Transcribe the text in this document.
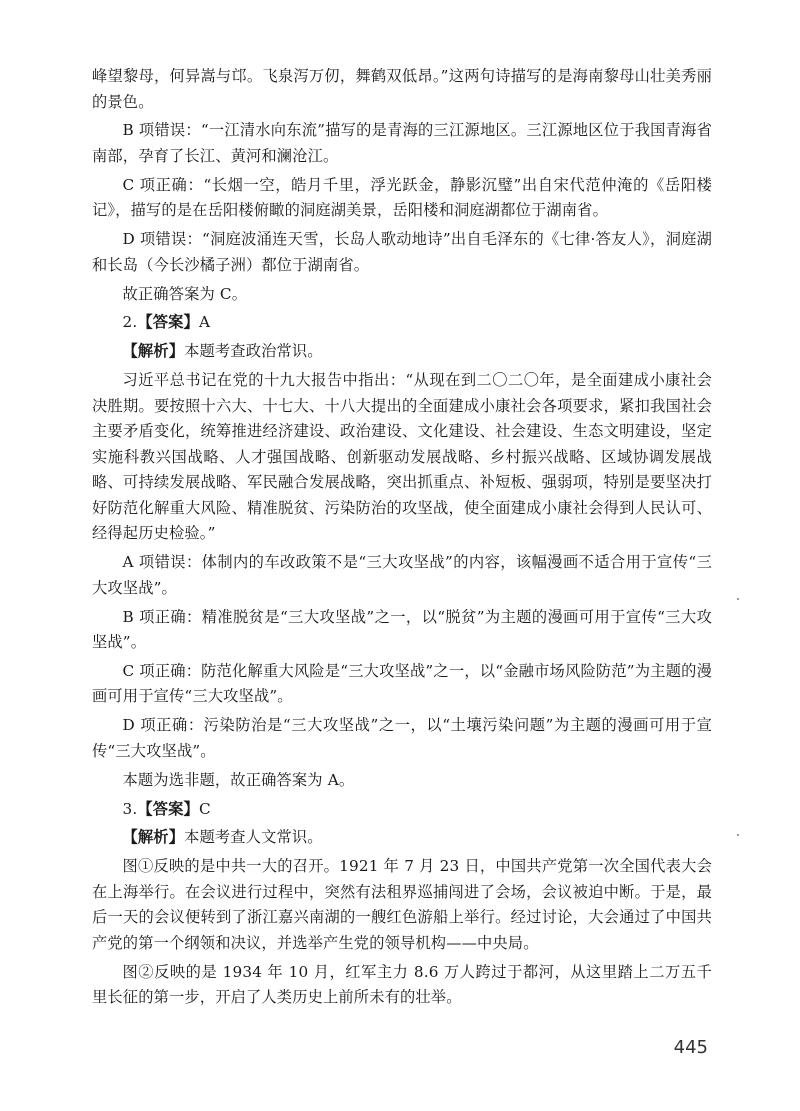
峰望黎母，何异嵩与邙。飞泉泻万仞，舞鹤双低昂。”这两句诗描写的是海南黎母山壮美秀丽的景色。

B 项错误：“一江清水向东流”描写的是青海的三江源地区。三江源地区位于我国青海省南部，孕育了长江、黄河和澜沧江。

C 项正确：“长烟一空，皓月千里，浮光跃金，静影沉璧”出自宋代范仲淹的《岳阳楼记》，描写的是在岳阳楼俯瞰的洞庭湖美景，岳阳楼和洞庭湖都位于湖南省。

D 项错误：“洞庭波涌连天雪，长岛人歌动地诗”出自毛泽东的《七律·答友人》，洞庭湖和长岛（今长沙橘子洲）都位于湖南省。

故正确答案为 C。

2.【答案】A

【解析】本题考查政治常识。

习近平总书记在党的十九大报告中指出：“从现在到二〇二〇年，是全面建成小康社会决胜期。要按照十六大、十七大、十八大提出的全面建成小康社会各项要求，紧扣我国社会主要矛盾变化，统筹推进经济建设、政治建设、文化建设、社会建设、生态文明建设，坚定实施科教兴国战略、人才强国战略、创新驱动发展战略、乡村振兴战略、区域协调发展战略、可持续发展战略、军民融合发展战略，突出抓重点、补短板、强弱项，特别是要坚决打好防范化解重大风险、精准脱贫、污染防治的攻坚战，使全面建成小康社会得到人民认可、经得起历史检验。”

A 项错误：体制内的车改政策不是“三大攻坚战”的内容，该幅漫画不适合用于宣传“三大攻坚战”。

B 项正确：精准脱贫是“三大攻坚战”之一，以“脱贫”为主题的漫画可用于宣传“三大攻坚战”。

C 项正确：防范化解重大风险是“三大攻坚战”之一，以“金融市场风险防范”为主题的漫画可用于宣传“三大攻坚战”。

D 项正确：污染防治是“三大攻坚战”之一，以“土壤污染问题”为主题的漫画可用于宣传“三大攻坚战”。

本题为选非题，故正确答案为 A。

3.【答案】C

【解析】本题考查人文常识。

图①反映的是中共一大的召开。1921 年 7 月 23 日，中国共产党第一次全国代表大会在上海举行。在会议进行过程中，突然有法租界巡捕闯进了会场，会议被迫中断。于是，最后一天的会议便转到了浙江嘉兴南湖的一艘红色游船上举行。经过讨论，大会通过了中国共产党的第一个纲领和决议，并选举产生党的领导机构——中央局。

图②反映的是 1934 年 10 月，红军主力 8.6 万人跨过于都河，从这里踏上二万五千里长征的第一步，开启了人类历史上前所未有的壮举。

445
